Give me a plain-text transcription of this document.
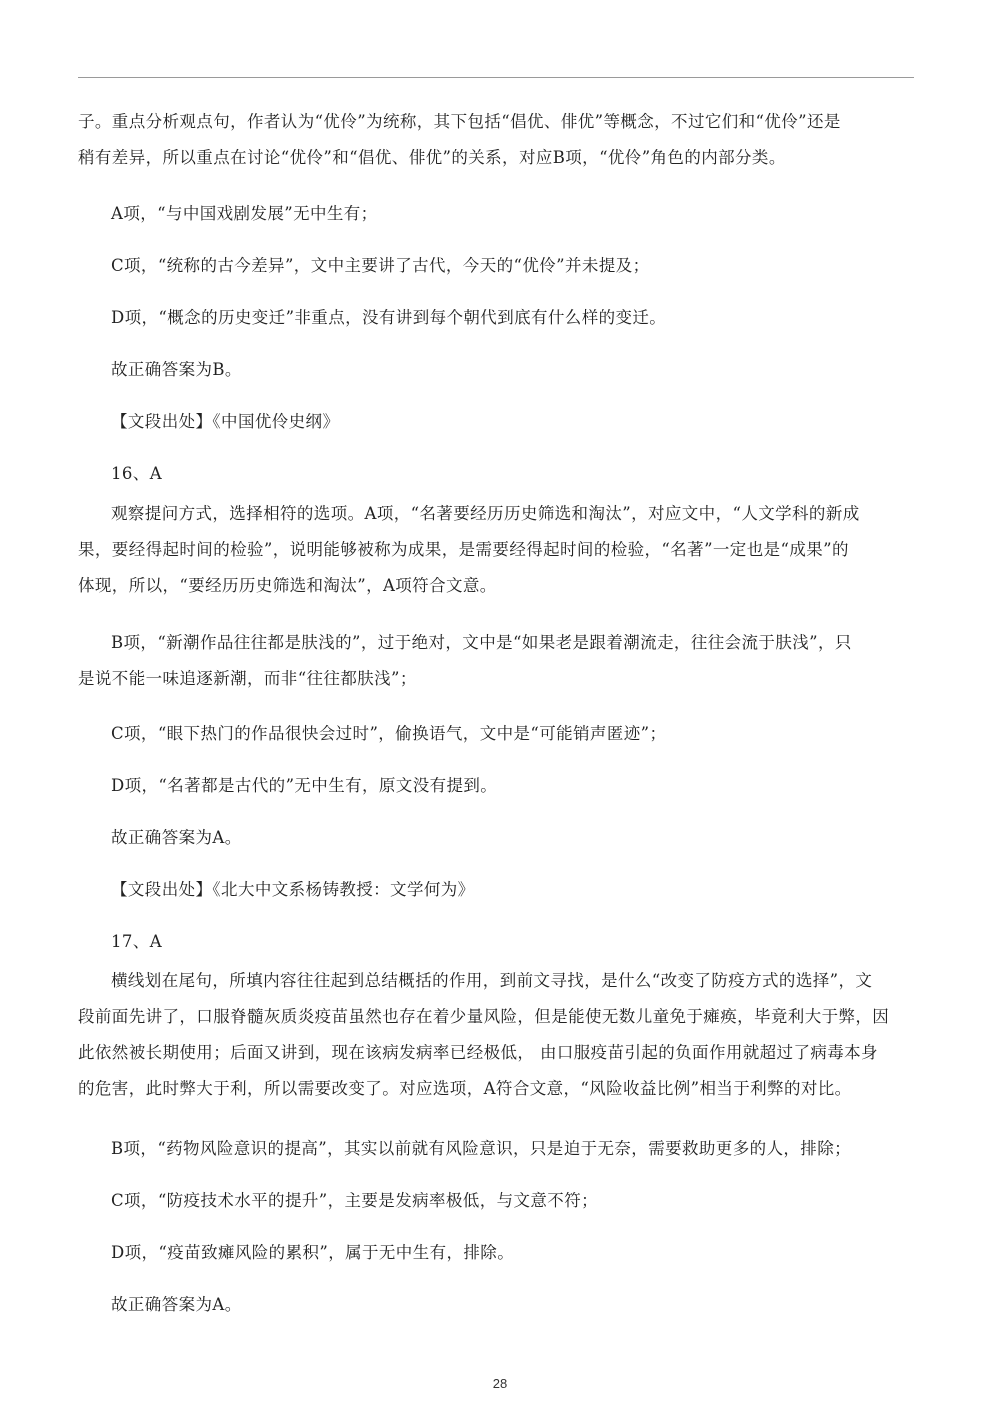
子。重点分析观点句，作者认为“优伶”为统称，其下包括“倡优、俳优”等概念，不过它们和“优伶”还是
稍有差异，所以重点在讨论“优伶”和“倡优、俳优”的关系，对应B项，“优伶”角色的内部分类。

A项，“与中国戏剧发展”无中生有；

C项，“统称的古今差异”，文中主要讲了古代，今天的“优伶”并未提及；

D项，“概念的历史变迁”非重点，没有讲到每个朝代到底有什么样的变迁。

故正确答案为B。

【文段出处】《中国优伶史纲》

16、A

观察提问方式，选择相符的选项。A项，“名著要经历历史筛选和淘汰”，对应文中，“人文学科的新成
果，要经得起时间的检验”，说明能够被称为成果，是需要经得起时间的检验，“名著”一定也是“成果”的
体现，所以，“要经历历史筛选和淘汰”，A项符合文意。

B项，“新潮作品往往都是肤浅的”，过于绝对，文中是“如果老是跟着潮流走，往往会流于肤浅”，只
是说不能一味追逐新潮，而非“往往都肤浅”；

C项，“眼下热门的作品很快会过时”，偷换语气，文中是“可能销声匿迹”；

D项，“名著都是古代的”无中生有，原文没有提到。

故正确答案为A。

【文段出处】《北大中文系杨铸教授：文学何为》

17、A

横线划在尾句，所填内容往往起到总结概括的作用，到前文寻找，是什么“改变了防疫方式的选择”，文
段前面先讲了，口服脊髓灰质炎疫苗虽然也存在着少量风险，但是能使无数儿童免于瘫痪，毕竟利大于弊，因
此依然被长期使用；后面又讲到，现在该病发病率已经极低， 由口服疫苗引起的负面作用就超过了病毒本身
的危害，此时弊大于利，所以需要改变了。对应选项，A符合文意，“风险收益比例”相当于利弊的对比。

B项，“药物风险意识的提高”，其实以前就有风险意识，只是迫于无奈，需要救助更多的人，排除；

C项，“防疫技术水平的提升”，主要是发病率极低，与文意不符；

D项，“疫苗致瘫风险的累积”，属于无中生有，排除。

故正确答案为A。

28
